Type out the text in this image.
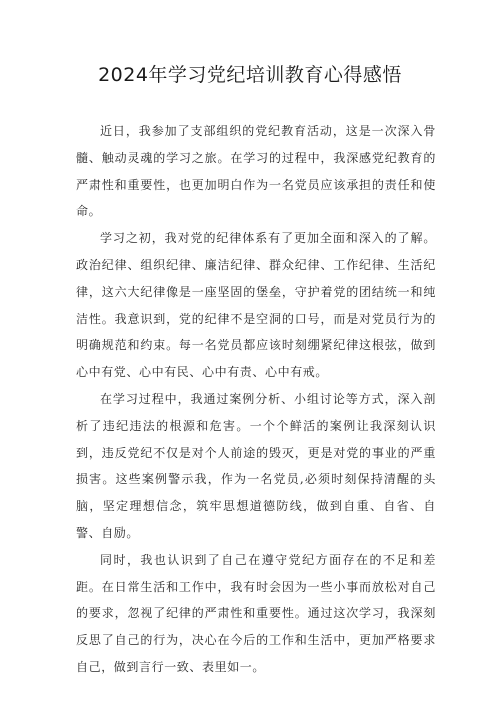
2024年学习党纪培训教育心得感悟

近日，我参加了支部组织的党纪教育活动，这是一次深入骨髓、触动灵魂的学习之旅。在学习的过程中，我深感党纪教育的严肃性和重要性，也更加明白作为一名党员应该承担的责任和使命。

学习之初，我对党的纪律体系有了更加全面和深入的了解。政治纪律、组织纪律、廉洁纪律、群众纪律、工作纪律、生活纪律，这六大纪律像是一座坚固的堡垒，守护着党的团结统一和纯洁性。我意识到，党的纪律不是空洞的口号，而是对党员行为的明确规范和约束。每一名党员都应该时刻绷紧纪律这根弦，做到心中有党、心中有民、心中有责、心中有戒。

在学习过程中，我通过案例分析、小组讨论等方式，深入剖析了违纪违法的根源和危害。一个个鲜活的案例让我深刻认识到，违反党纪不仅是对个人前途的毁灭，更是对党的事业的严重损害。这些案例警示我，作为一名党员,必须时刻保持清醒的头脑，坚定理想信念，筑牢思想道德防线，做到自重、自省、自警、自励。

同时，我也认识到了自己在遵守党纪方面存在的不足和差距。在日常生活和工作中，我有时会因为一些小事而放松对自己的要求，忽视了纪律的严肃性和重要性。通过这次学习，我深刻反思了自己的行为，决心在今后的工作和生活中，更加严格要求自己，做到言行一致、表里如一。
